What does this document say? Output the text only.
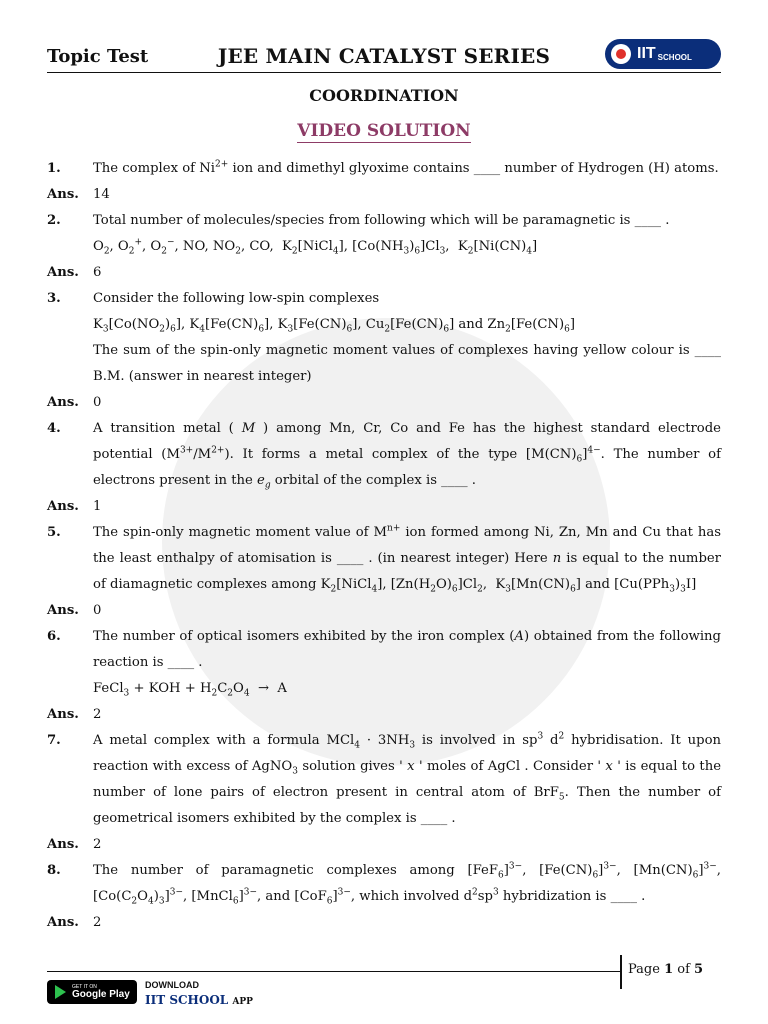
Topic Test	JEE MAIN CATALYST SERIES	IIT SCHOOL
COORDINATION
VIDEO SOLUTION
1.	The complex of $Ni^{2+}$ ion and dimethyl glyoxime contains ____ number of Hydrogen (H) atoms.

Ans.	14
2.	Total number of molecules/species from following which will be paramagnetic is ____ .

$O_2$, $O_2^+$, $O_2^-$, NO, $NO_2$, CO,  $K_2[NiCl_4]$, $[Co(NH_3)_6]Cl_3$,  $K_2[Ni(CN)_4]$

Ans.	6
3.	Consider the following low-spin complexes

$K_3[Co(NO_2)_6]$, $K_4[Fe(CN)_6]$, $K_3[Fe(CN)_6]$, $Cu_2[Fe(CN)_6]$ and $Zn_2[Fe(CN)_6]$

The sum of the spin-only magnetic moment values of complexes having yellow colour is ____ B.M. (answer in nearest integer)

Ans.	0
4.	A transition metal ( M ) among Mn, Cr, Co and Fe has the highest standard electrode potential $(M^{3+}/M^{2+})$. It forms a metal complex of the type $[M(CN)_6]^{4-}$. The number of electrons present in the $e_g$ orbital of the complex is ____ .

Ans.	1
5.	The spin-only magnetic moment value of $M^{n+}$ ion formed among Ni, Zn, Mn and Cu that has the least enthalpy of atomisation is ____ . (in nearest integer) Here n is equal to the number of diamagnetic complexes among $K_2[NiCl_4]$, $[Zn(H_2O)_6]Cl_2$,  $K_3[Mn(CN)_6]$ and $[Cu(PPh_3)_3I]$

Ans.	0
6.	The number of optical isomers exhibited by the iron complex (A) obtained from the following reaction is ____ .

FeCl$_3$ + KOH + $H_2C_2O_4 \to A$

Ans.	2
7.	A metal complex with a formula $MCl_4 \cdot 3NH_3$ is involved in $sp^3$ $d^2$ hybridisation. It upon reaction with excess of AgNO$_3$ solution gives ' x ' moles of AgCl . Consider ' x ' is equal to the number of lone pairs of electron present in central atom of BrF$_5$. Then the number of geometrical isomers exhibited by the complex is ____ .

Ans.	2
8.	The number of paramagnetic complexes among $[FeF_6]^{3-}$, $[Fe(CN)_6]^{3-}$, $[Mn(CN)_6]^{3-}$, $[Co(C_2O_4)_3]^{3-}$, [MnCl$_6$]$^{3-}$, and $[CoF_6]^{3-}$, which involved $d^2sp^3$ hybridization is ____ .

Ans.	2
Page 1 of 5
GET IT ON
Google Play
DOWNLOAD
IIT SCHOOL APP
